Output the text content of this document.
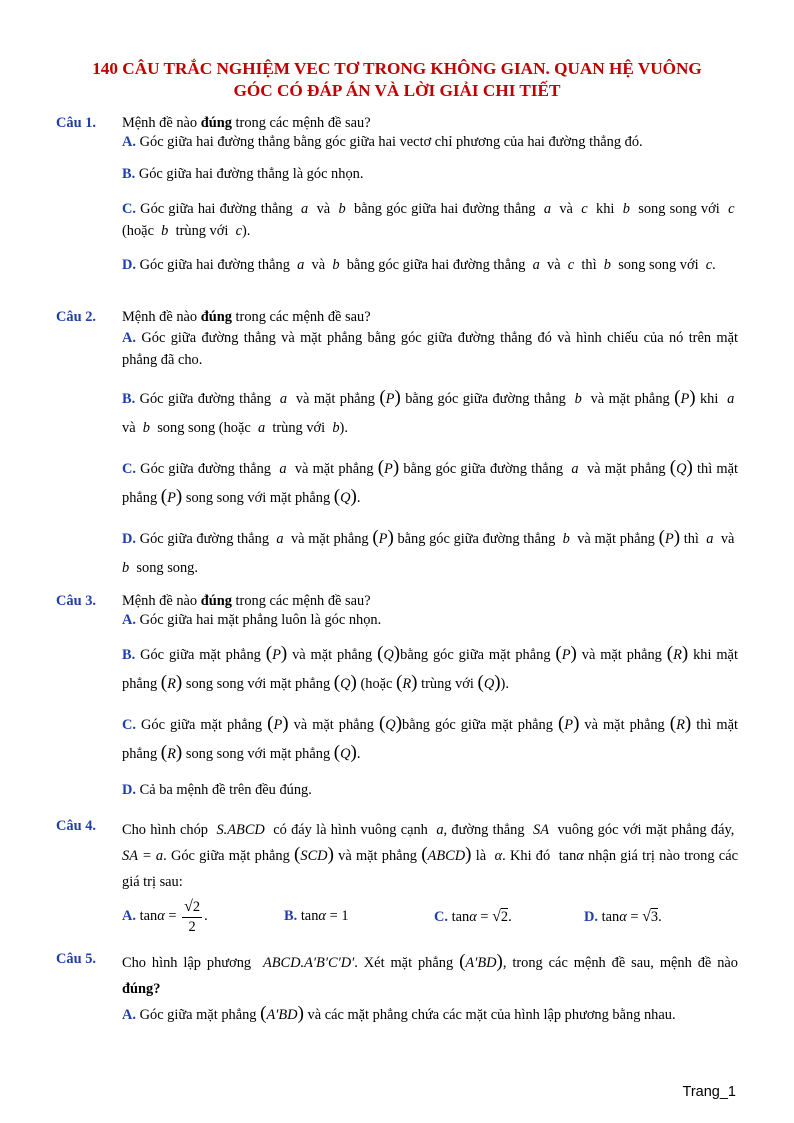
140 CÂU TRẮC NGHIỆM VEC TƠ TRONG KHÔNG GIAN. QUAN HỆ VUÔNG
GÓC CÓ ĐÁP ÁN VÀ LỜI GIẢI CHI TIẾT
Câu 1.	Mệnh đề nào đúng trong các mệnh đề sau?
A. Góc giữa hai đường thẳng bằng góc giữa hai vectơ chỉ phương của hai đường thẳng đó.
B. Góc giữa hai đường thẳng là góc nhọn.
C. Góc giữa hai đường thẳng a và b bằng góc giữa hai đường thẳng a và c khi b song song với c  (hoặc b trùng với c).
D. Góc giữa hai đường thẳng a và b bằng góc giữa hai đường thẳng a và c thì b song song với c.
Câu 2.	Mệnh đề nào đúng trong các mệnh đề sau?
A. Góc giữa đường thẳng và mặt phẳng bằng góc giữa đường thẳng đó và hình chiếu của nó trên mặt phẳng đã cho.
B. Góc giữa đường thẳng a và mặt phẳng (P) bằng góc giữa đường thẳng b và mặt phẳng (P) khi a  và b song song (hoặc a trùng với b).
C. Góc giữa đường thẳng a và mặt phẳng (P) bằng góc giữa đường thẳng a và mặt phẳng (Q) thì mặt phẳng (P) song song với mặt phẳng (Q).
D. Góc giữa đường thẳng a và mặt phẳng (P) bằng góc giữa đường thẳng b và mặt phẳng (P) thì a và  b song song.
Câu 3.	Mệnh đề nào đúng trong các mệnh đề sau?
A. Góc giữa hai mặt phẳng luôn là góc nhọn.
B. Góc giữa mặt phẳng (P) và mặt phẳng (Q)bằng góc giữa mặt phẳng (P) và mặt phẳng (R) khi mặt phẳng (R) song song với mặt phẳng (Q) (hoặc (R) trùng với (Q)).
C. Góc giữa mặt phẳng (P) và mặt phẳng (Q)bằng góc giữa mặt phẳng (P) và mặt phẳng (R) thì mặt phẳng (R) song song với mặt phẳng (Q).
D. Cả ba mệnh đề trên đều đúng.
Câu 4.	Cho hình chóp S.ABCD có đáy là hình vuông cạnh a, đường thẳng SA vuông góc với mặt phẳng đáy,  SA = a. Góc giữa mặt phẳng (SCD) và mặt phẳng (ABCD) là α. Khi đó tanα nhận giá trị nào trong các giá trị sau:
A. $\tan\alpha = \frac{√2}{2}$ .	B. tanα = 1	C. tanα = √2.	D. tanα = √3.
Câu 5.	Cho hình lập phương ABCD.A′B′C′D′. Xét mặt phẳng (A′BD), trong các mệnh đề sau, mệnh đề nào đúng?
A. Góc giữa mặt phẳng (A′BD) và các mặt phẳng chứa các mặt của hình lập phương bằng nhau.
Trang_1
